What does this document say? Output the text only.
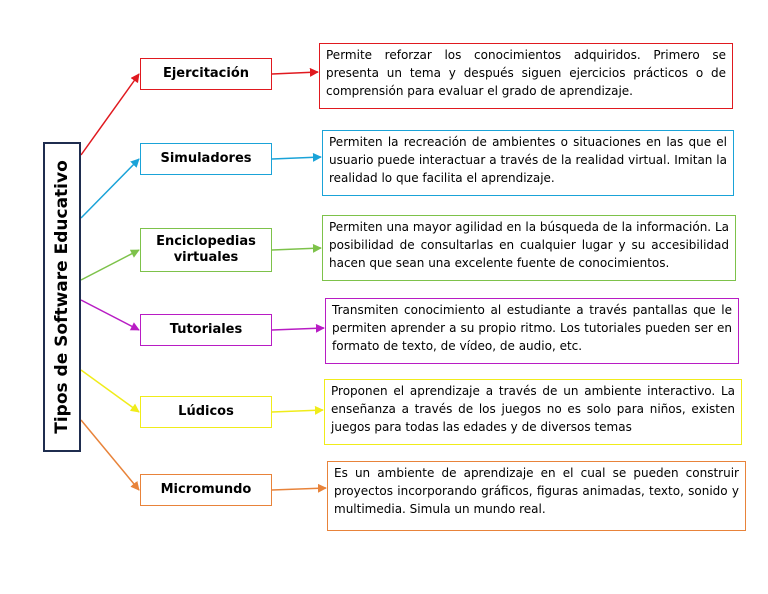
Tipos de Software Educativo
Ejercitación
Simuladores
Enciclopedias virtuales
Tutoriales
Lúdicos
Micromundo
Permite reforzar los conocimientos adquiridos. Primero se presenta un tema y después siguen ejercicios prácticos o de comprensión para evaluar el grado de aprendizaje.
Permiten la recreación de ambientes o situaciones en las que el usuario puede interactuar a través de la realidad virtual. Imitan la realidad lo que facilita el aprendizaje.
Permiten una mayor agilidad en la búsqueda de la información. La posibilidad de consultarlas en cualquier lugar y su accesibilidad hacen que sean una excelente fuente de conocimientos.
Transmiten conocimiento al estudiante a través pantallas que le permiten aprender a su propio ritmo. Los tutoriales pueden ser en formato de texto, de vídeo, de audio, etc.
Proponen el aprendizaje a través de un ambiente interactivo. La enseñanza a través de los juegos no es solo para niños, existen juegos para todas las edades y de diversos temas
Es un ambiente de aprendizaje en el cual se pueden construir proyectos incorporando gráficos, figuras animadas, texto, sonido y multimedia. Simula un mundo real.
